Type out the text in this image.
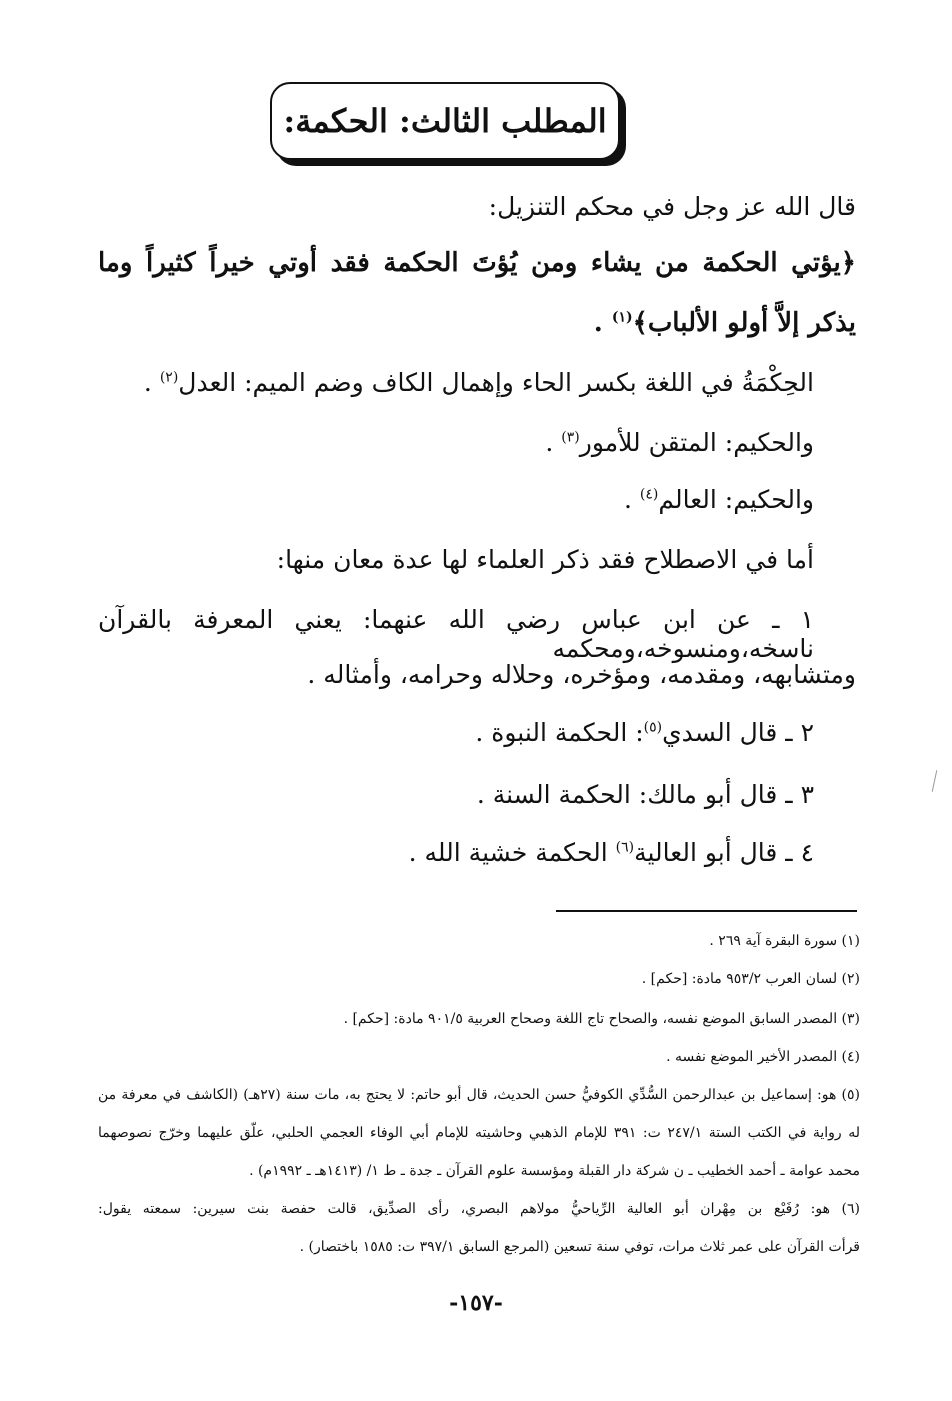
المطلب الثالث: الحكمة:
قال الله عز وجل في محكم التنزيل:
﴿يؤتي الحكمة من يشاء ومن يُؤتَ الحكمة فقد أوتي خيراً كثيراً وما
يذكر إلاَّ أولو الألباب﴾$^{(١)}$ .
الحِكْمَةُ في اللغة بكسر الحاء وإهمال الكاف وضم الميم: العدل$^{(٢)}$ .
والحكيم: المتقن للأمور$^{(٣)}$ .
والحكيم: العالم$^{(٤)}$ .
أما في الاصطلاح فقد ذكر العلماء لها عدة معان منها:
١ ـ عن ابن عباس رضي الله عنهما: يعني المعرفة بالقرآن ناسخه،ومنسوخه،ومحكمه
ومتشابهه، ومقدمه، ومؤخره، وحلاله وحرامه، وأمثاله .
٢ ـ قال السدي$^{(٥)}$: الحكمة النبوة .
٣ ـ قال أبو مالك: الحكمة السنة .
٤ ـ قال أبو العالية$^{(٦)}$ الحكمة خشية الله .
(١) سورة البقرة آية ٢٦٩ .
(٢) لسان العرب ٩٥٣/٢ مادة: [حكم] .
(٣) المصدر السابق الموضع نفسه، والصحاح تاج اللغة وصحاح العربية ٩٠١/٥ مادة: [حكم] .
(٤) المصدر الأخير الموضع نفسه .
(٥) هو: إسماعيل بن عبدالرحمن السُّدِّي الكوفيُّ حسن الحديث، قال أبو حاتم: لا يحتج به، مات سنة (٢٧هـ) (الكاشف في معرفة من
له رواية في الكتب الستة ٢٤٧/١ ت: ٣٩١ للإمام الذهبي وحاشيته للإمام أبي الوفاء العجمي الحلبي، علّق عليهما وخرّج نصوصهما
محمد عوامة ـ أحمد الخطيب ـ ن شركة دار القبلة ومؤسسة علوم القرآن ـ جدة ـ ط ١/ (١٤١٣هـ ـ ١٩٩٢م) .
(٦) هو: رُفَيْع بن مِهْران أبو العالية الرِّياحيُّ مولاهم البصري، رأى الصدِّيق، قالت حفصة بنت سيرين: سمعته يقول:
قرأت القرآن على عمر ثلاث مرات، توفي سنة تسعين (المرجع السابق ٣٩٧/١ ت: ١٥٨٥ باختصار) .
-١٥٧-
